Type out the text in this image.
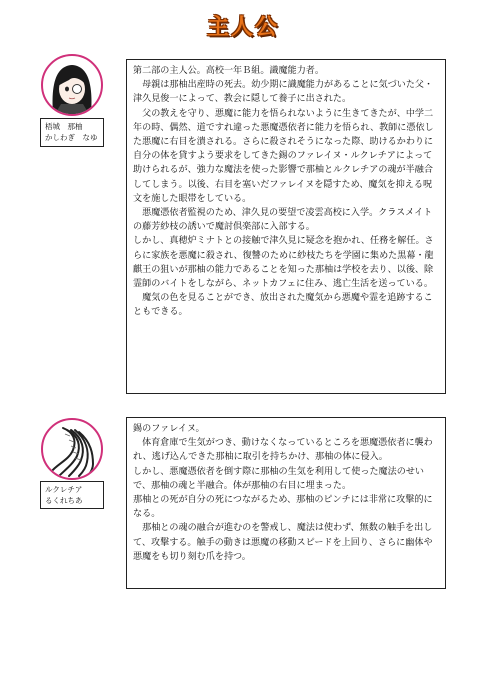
主人公
梧城　那柚
かしわぎ　なゆ

第二部の主人公。高校一年Ｂ組。識魔能力者。

母親は那柚出産時の死去。幼少期に識魔能力があることに気づいた父・津久見俊一によって、教会に隠して養子に出された。

父の教えを守り、悪魔に能力を悟られないように生きてきたが、中学二年の時、偶然、道ですれ違った悪魔憑依者に能力を悟られ、教師に憑依した悪魔に右目を潰される。さらに殺されそうになった際、助けるかわりに自分の体を貸すよう要求をしてきた錫のファレイヌ・ルクレチアによって助けられるが、強力な魔法を使った影響で那柚とルクレチアの魂が半融合してしまう。以後、右目を塞いだファレイヌを隠すため、魔気を抑える呪文を施した眼帯をしている。

悪魔憑依者監視のため、津久見の要望で凌雲高校に入学。クラスメイトの藤芳紗枝の誘いで魔討倶楽部に入部する。

しかし、真穂炉ミナトとの接触で津久見に疑念を抱かれ、任務を解任。さらに家族を悪魔に殺され、復讐のために紗枝たちを学園に集めた黒幕・龍麒王の狙いが那柚の能力であることを知った那柚は学校を去り、以後、除霊師のバイトをしながら、ネットカフェに住み、逃亡生活を送っている。

魔気の色を見ることができ、放出された魔気から悪魔や霊を追跡することもできる。

ルクレチア
るくれちあ

錫のファレイヌ。

体育倉庫で生気がつき、動けなくなっているところを悪魔憑依者に襲われ、逃げ込んできた那柚に取引を持ちかけ、那柚の体に侵入。

しかし、悪魔憑依者を倒す際に那柚の生気を利用して使った魔法のせいで、那柚の魂と半融合。体が那柚の右目に埋まった。

那柚との死が自分の死につながるため、那柚のピンチには非常に攻撃的になる。

那柚との魂の融合が進むのを警戒し、魔法は使わず、無数の触手を出して、攻撃する。触手の動きは悪魔の移動スピードを上回り、さらに幽体や悪魔をも切り刻む爪を持つ。
